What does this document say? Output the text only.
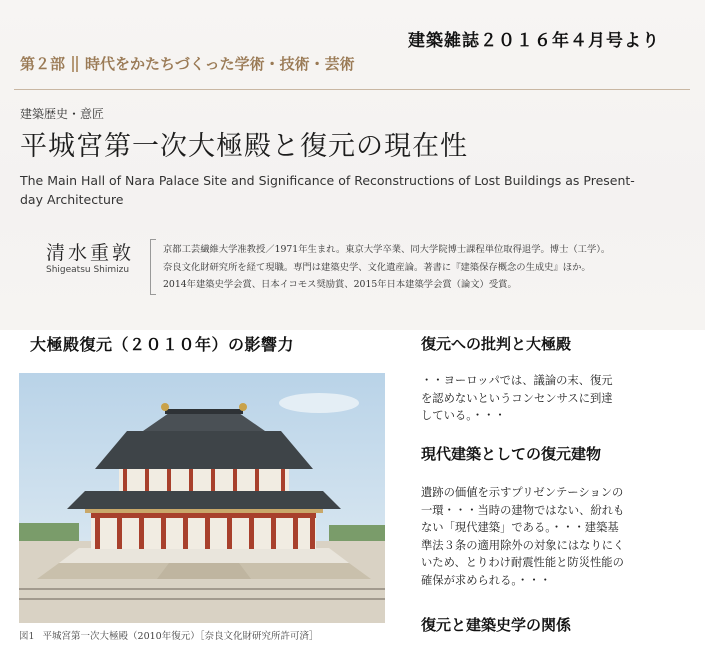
建築雑誌２０１６年４月号より
第２部 時代をかたちづくった学術・技術・芸術
建築歴史・意匠
平城宮第一次大極殿と復元の現在性
The Main Hall of Nara Palace Site and Significance of Reconstructions of Lost Buildings as Present-day Architecture
清水重敦
Shigeatsu Shimizu
京都工芸繊維大学准教授／1971年生まれ。東京大学卒業、同大学院博士課程単位取得退学。博士（工学）。
奈良文化財研究所を経て現職。専門は建築史学、文化遺産論。著書に『建築保存概念の生成史』ほか。
2014年建築史学会賞、日本イコモス奨励賞、2015年日本建築学会賞（論文）受賞。
大極殿復元（２０１０年）の影響力
図1 平城宮第一次大極殿（2010年復元）［奈良文化財研究所許可済］
復元への批判と大極殿
・・ヨーロッパでは、議論の末、復元
を認めないというコンセンサスに到達
している。・・・
現代建築としての復元建物
遺跡の価値を示すプリゼンテーションの
一環・・・当時の建物ではない、紛れも
ない「現代建築」である。・・・建築基
準法３条の適用除外の対象にはなりにく
いため、とりわけ耐震性能と防災性能の
確保が求められる。・・・
復元と建築史学の関係
